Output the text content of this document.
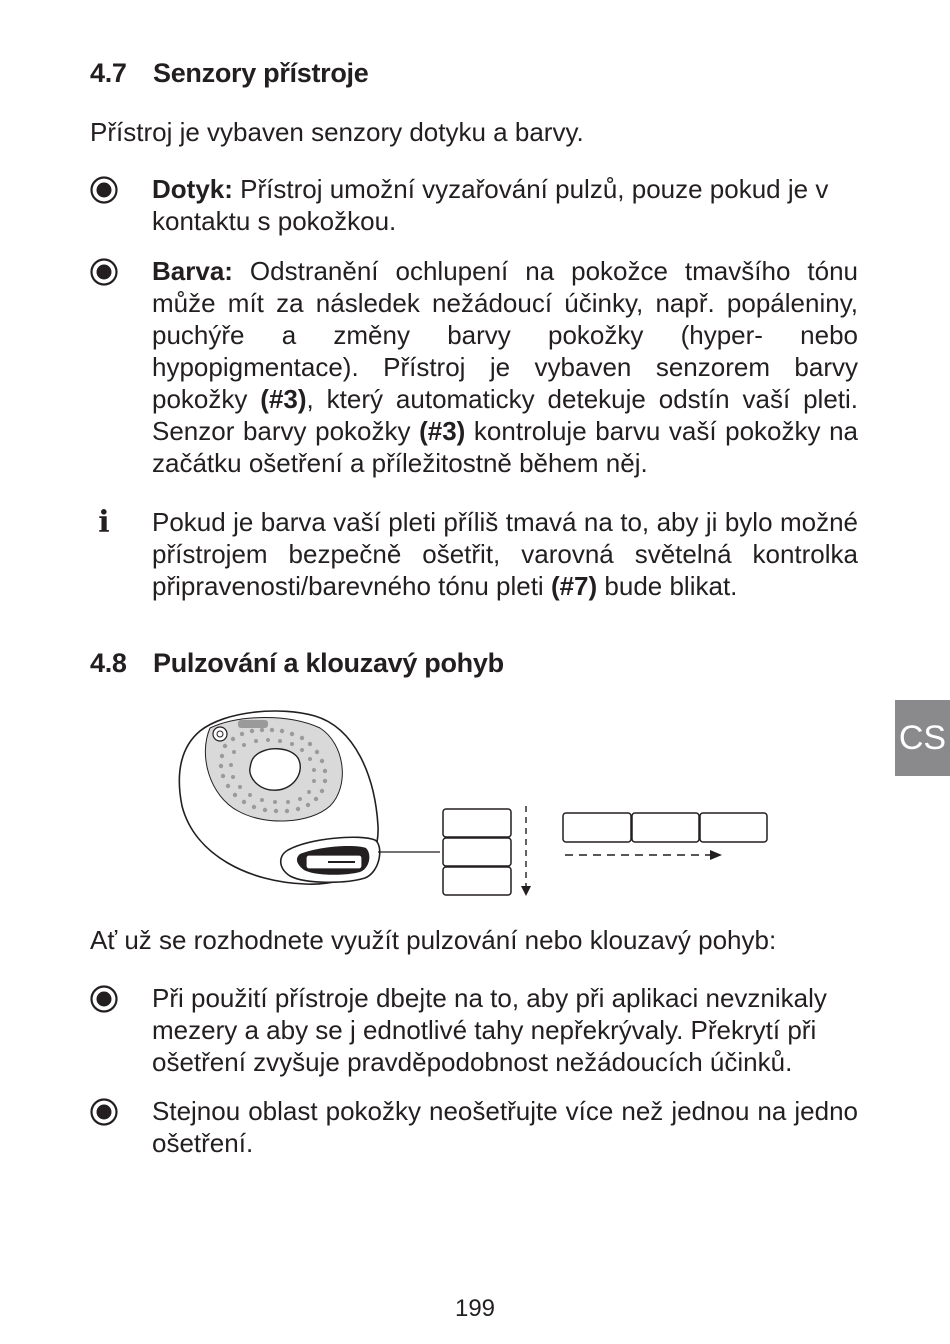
4.7 Senzory přístroje

Přístroj je vybaven senzory dotyku a barvy.

Dotyk: Přístroj umožní vyzařování pulzů, pouze pokud je v kontaktu s pokožkou.

Barva: Odstranění ochlupení na pokožce tmavšího tónu může mít za následek nežádoucí účinky, např. popáleniny, puchýře a změny barvy pokožky (hyper- nebo hypopigmentace). Přístroj je vybaven senzorem barvy pokožky (#3), který automaticky detekuje odstín vaší pleti. Senzor barvy pokožky (#3) kontroluje barvu vaší pokožky na začátku ošetření a příležitostně během něj.

i Pokud je barva vaší pleti příliš tmavá na to, aby ji bylo možné přístrojem bezpečně ošetřit, varovná světelná kontrolka připravenosti/barevného tónu pleti (#7) bude blikat.

4.8 Pulzování a klouzavý pohyb

Ať už se rozhodnete využít pulzování nebo klouzavý pohyb:

Při použití přístroje dbejte na to, aby při aplikaci nevznikaly mezery a aby se j ednotlivé tahy nepřekrývaly. Překrytí při ošetření zvyšuje pravděpodobnost nežádoucích účinků.

Stejnou oblast pokožky neošetřujte více než jednou na jedno ošetření.

CS
199
